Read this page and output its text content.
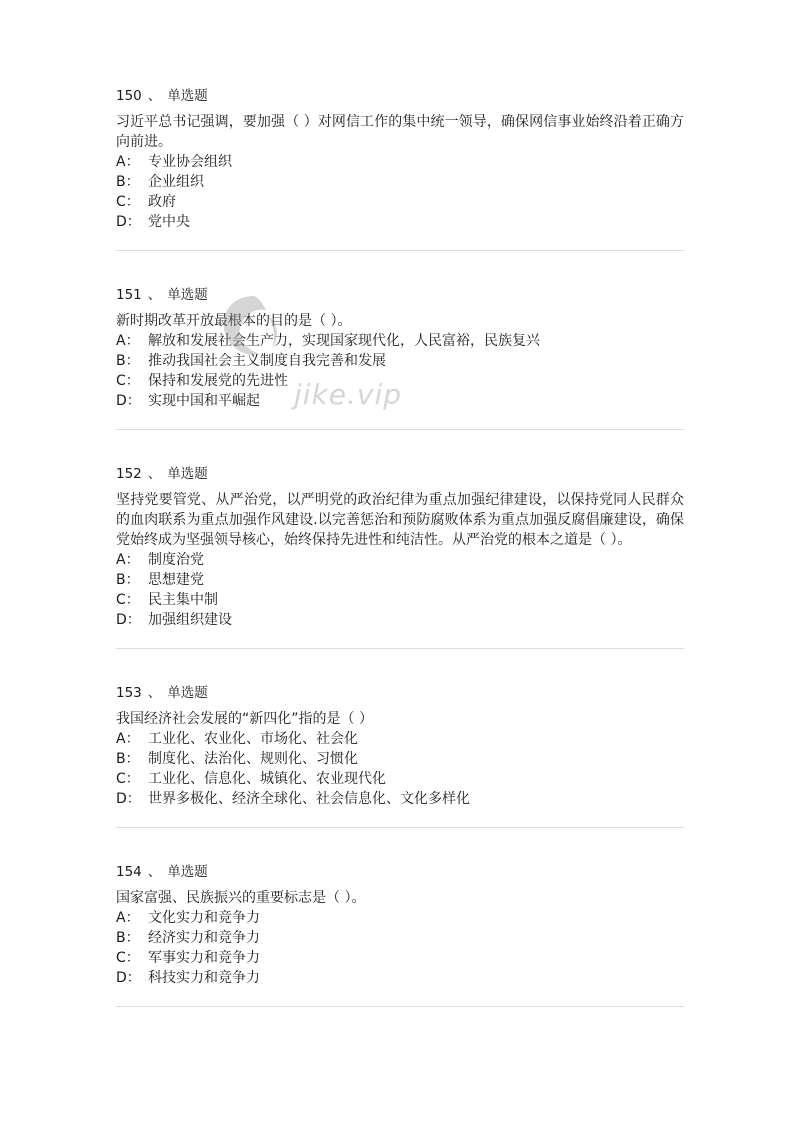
150 、 单选题

习近平总书记强调，要加强（ ）对网信工作的集中统一领导，确保网信事业始终沿着正确方向前进。

A： 专业协会组织
B： 企业组织
C： 政府
D： 党中央
151 、 单选题

新时期改革开放最根本的目的是（ ）。

A： 解放和发展社会生产力，实现国家现代化，人民富裕，民族复兴
B： 推动我国社会主义制度自我完善和发展
C： 保持和发展党的先进性
D： 实现中国和平崛起
152 、 单选题

坚持党要管党、从严治党，以严明党的政治纪律为重点加强纪律建设，以保持党同人民群众的血肉联系为重点加强作风建设.以完善惩治和预防腐败体系为重点加强反腐倡廉建设，确保党始终成为坚强领导核心，始终保持先进性和纯洁性。从严治党的根本之道是（ ）。

A： 制度治党
B： 思想建党
C： 民主集中制
D： 加强组织建设
153 、 单选题

我国经济社会发展的“新四化”指的是（ ）

A： 工业化、农业化、市场化、社会化
B： 制度化、法治化、规则化、习惯化
C： 工业化、信息化、城镇化、农业现代化
D： 世界多极化、经济全球化、社会信息化、文化多样化
154 、 单选题

国家富强、民族振兴的重要标志是（ ）。

A： 文化实力和竞争力
B： 经济实力和竞争力
C： 军事实力和竞争力
D： 科技实力和竞争力
jike.vip
